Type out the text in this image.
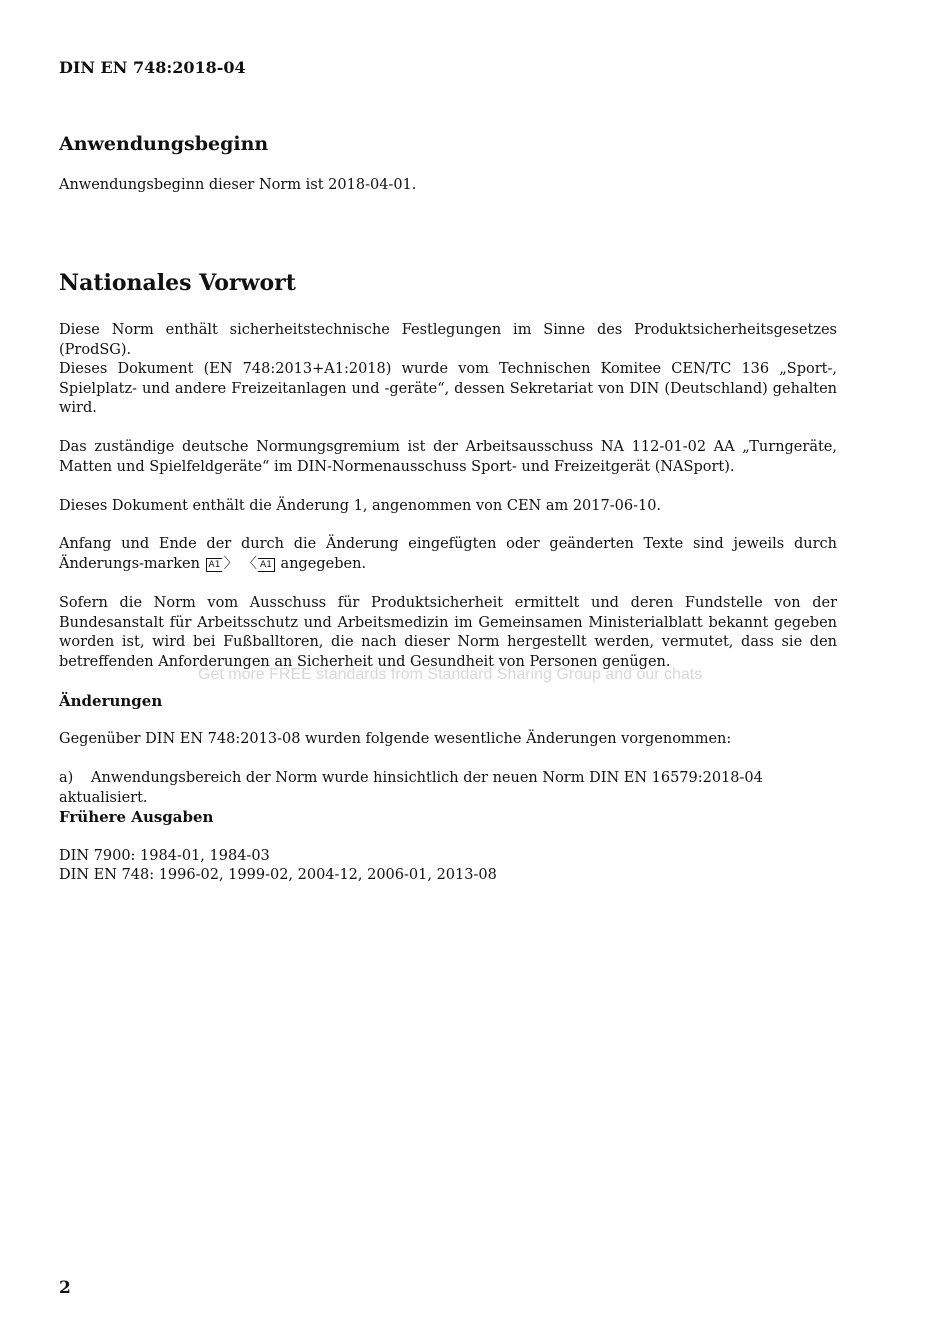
DIN EN 748:2018-04
Anwendungsbeginn
Anwendungsbeginn dieser Norm ist 2018-04-01.
Nationales Vorwort
Diese Norm enthält sicherheitstechnische Festlegungen im Sinne des Produktsicherheitsgesetzes (ProdSG).
Dieses Dokument (EN 748:2013+A1:2018) wurde vom Technischen Komitee CEN/TC 136 „Sport-, Spielplatz- und andere Freizeitanlagen und -geräte“, dessen Sekretariat von DIN (Deutschland) gehalten wird.
Das zuständige deutsche Normungsgremium ist der Arbeitsausschuss NA 112-01-02 AA „Turngeräte, Matten und Spielfeldgeräte“ im DIN-Normenausschuss Sport- und Freizeitgerät (NASport).
Dieses Dokument enthält die Änderung 1, angenommen von CEN am 2017-06-10.
Anfang und Ende der durch die Änderung eingefügten oder geänderten Texte sind jeweils durch Änderungs-marken A1 〉 〈 A1 angegeben.
Sofern die Norm vom Ausschuss für Produktsicherheit ermittelt und deren Fundstelle von der Bundesanstalt für Arbeitsschutz und Arbeitsmedizin im Gemeinsamen Ministerialblatt bekannt gegeben worden ist, wird bei Fußballtoren, die nach dieser Norm hergestellt werden, vermutet, dass sie den betreffenden Anforderungen an Sicherheit und Gesundheit von Personen genügen.
Änderungen
Gegenüber DIN EN 748:2013-08 wurden folgende wesentliche Änderungen vorgenommen:
a) Anwendungsbereich der Norm wurde hinsichtlich der neuen Norm DIN EN 16579:2018-04 aktualisiert.
Frühere Ausgaben
DIN 7900: 1984-01, 1984-03
DIN EN 748: 1996-02, 1999-02, 2004-12, 2006-01, 2013-08
Get more FREE standards from Standard Sharing Group and our chats
2
